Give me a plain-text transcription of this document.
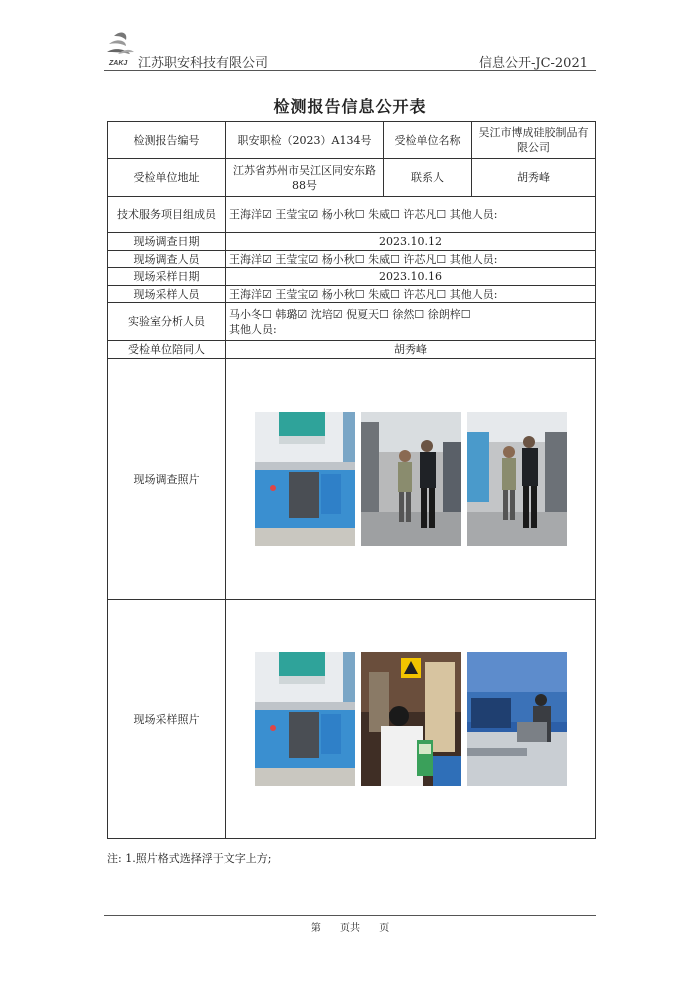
ZAKJ 江苏职安科技有限公司	信息公开-JC-2021
检测报告信息公开表
检测报告编号	职安职检（2023）A134号	受检单位名称	吴江市博成硅胶制品有限公司
受检单位地址	江苏省苏州市吴江区同安东路88号	联系人	胡秀峰
技术服务项目组成员	王海洋☑ 王莹宝☑ 杨小秋☐ 朱威☐ 许芯凡☐ 其他人员:		
现场调查日期	2023.10.12		
现场调查人员	王海洋☑ 王莹宝☑ 杨小秋☐ 朱威☐ 许芯凡☐ 其他人员:		
现场采样日期	2023.10.16		
现场采样人员	王海洋☑ 王莹宝☑ 杨小秋☐ 朱威☐ 许芯凡☐ 其他人员:		
实验室分析人员	马小冬☐ 韩璐☑ 沈培☑ 倪夏天☐ 徐然☐ 徐朗梓☐
其他人员:		

受检单位陪同人	胡秀峰		
现场调查照片	

现场采样照片	
注: 1.照片格式选择浮于文字上方;
第 页共 页
